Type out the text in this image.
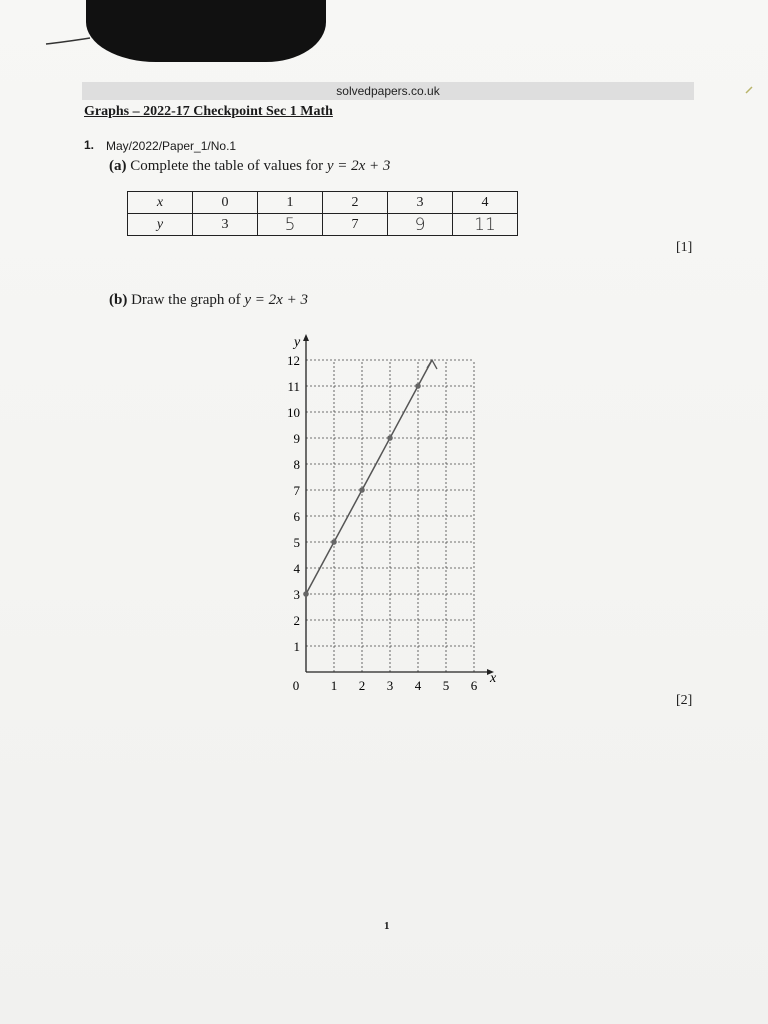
solvedpapers.co.uk
Graphs – 2022-17 Checkpoint Sec 1 Math
1. May/2022/Paper_1/No.1
(a) Complete the table of values for y = 2x + 3
x	0	1	2	3	4
y	3	5	7	9	11
[1]
(b) Draw the graph of y = 2x + 3
0 1 2 3 4 5 6
1
2
3
4
5
6
7
8
9
10
11
12
x
y
[2]
1
